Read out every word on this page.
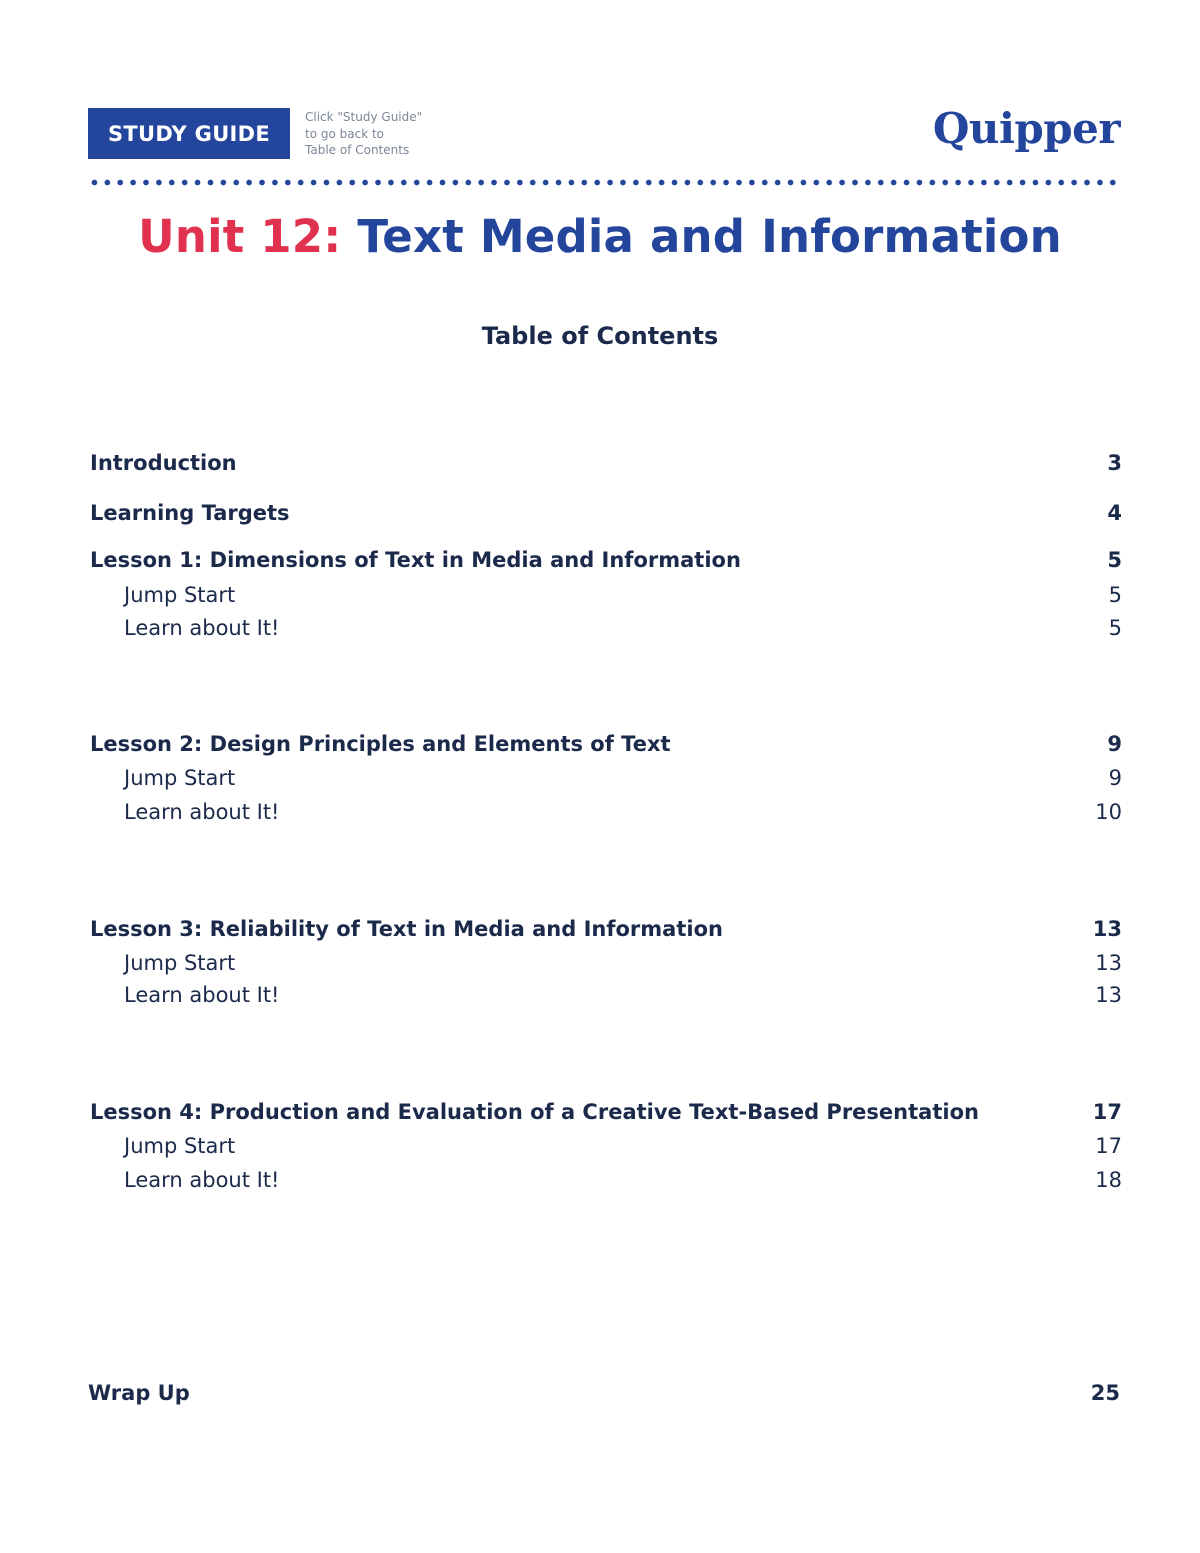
STUDY GUIDE
Click "Study Guide"
to go back to
Table of Contents	Quipper
Unit 12: Text Media and Information
Table of Contents
Introduction	3
Learning Targets	4
Lesson 1: Dimensions of Text in Media and Information	5
Jump Start	5
Learn about It!	5
Lesson 2: Design Principles and Elements of Text	9
Jump Start	9
Learn about It!	10
Lesson 3: Reliability of Text in Media and Information	13
Jump Start	13
Learn about It!	13
Lesson 4: Production and Evaluation of a Creative Text-Based Presentation	17
Jump Start	17
Learn about It!	18
Wrap Up	25
